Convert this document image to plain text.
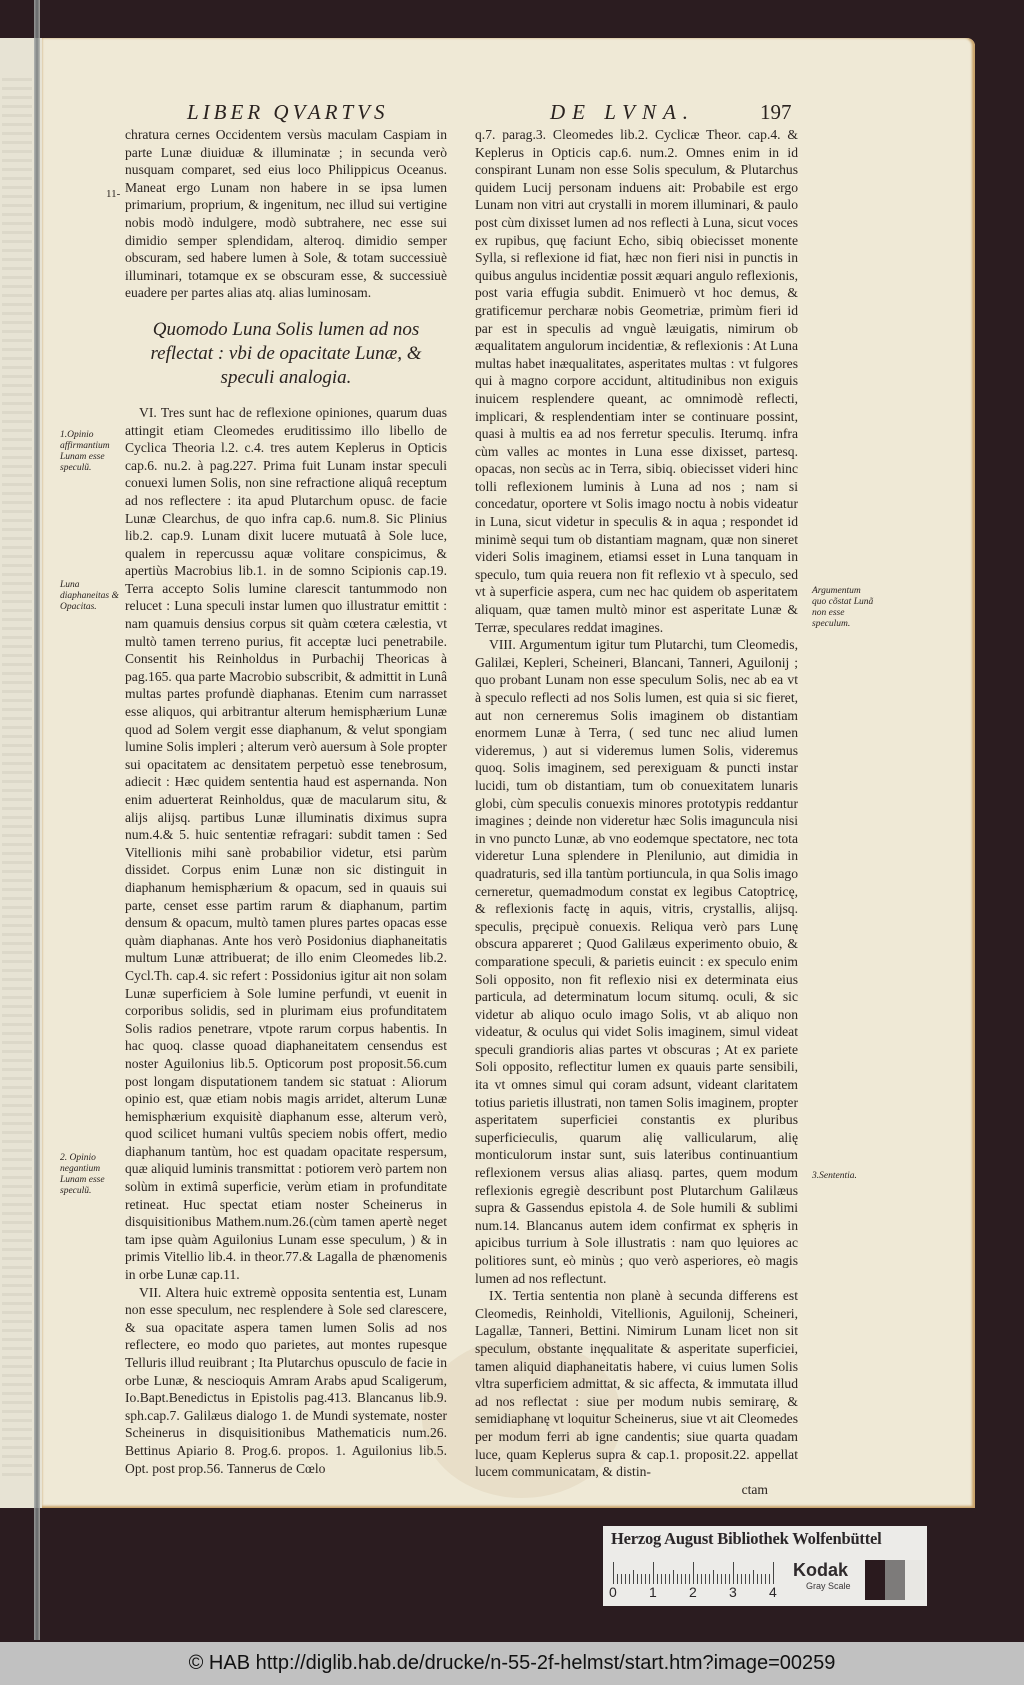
LIBER QVARTVS	DE LVNA.	197
11-

chratura cernes Occidentem versùs maculam Caspiam in parte Lunæ diuiduæ & illuminatæ ; in secunda verò nusquam comparet, sed eius loco Philippicus Oceanus. Maneat ergo Lunam non habere in se ipsa lumen primarium, proprium, & ingenitum, nec illud sui vertigine nobis modò indulgere, modò subtrahere, nec esse sui dimidio semper splendidam, alteroq. dimidio semper obscuram, sed habere lumen à Sole, & totam successiuè illuminari, totamque ex se obscuram esse, & successiuè euadere per partes alias atq. alias luminosam.

Quomodo Luna Solis lumen ad nos reflectat : vbi de opacitate Lunæ, & speculi analogia.

VI. Tres sunt hac de reflexione opiniones, quarum duas attingit etiam Cleomedes eruditissimo illo libello de Cyclica Theoria l.2. c.4. tres autem Keplerus in Opticis cap.6. nu.2. à pag.227. Prima fuit Lunam instar speculi conuexi lumen Solis, non sine refractione aliquâ receptum ad nos reflectere : ita apud Plutarchum opusc. de facie Lunæ Clearchus, de quo infra cap.6. num.8. Sic Plinius lib.2. cap.9. Lunam dixit lucere mutuatâ à Sole luce, qualem in repercussu aquæ volitare conspicimus, & apertiùs Macrobius lib.1. in de somno Scipionis cap.19. Terra accepto Solis lumine clarescit tantummodo non relucet : Luna speculi instar lumen quo illustratur emittit : nam quamuis densius corpus sit quàm cœtera cælestia, vt multò tamen terreno purius, fit acceptæ luci penetrabile. Consentit his Reinholdus in Purbachij Theoricas à pag.165. qua parte Macrobio subscribit, & admittit in Lunâ multas partes profundè diaphanas. Etenim cum narrasset esse aliquos, qui arbitrantur alterum hemisphærium Lunæ quod ad Solem vergit esse diaphanum, & velut spongiam lumine Solis impleri ; alterum verò auersum à Sole propter sui opacitatem ac densitatem perpetuò esse tenebrosum, adiecit : Hæc quidem sententia haud est aspernanda. Non enim aduerterat Reinholdus, quæ de macularum situ, & alijs alijsq. partibus Lunæ illuminatis diximus supra num.4.& 5. huic sententiæ refragari: subdit tamen : Sed Vitellionis mihi sanè probabilior videtur, etsi parùm dissidet. Corpus enim Lunæ non sic distinguit in diaphanum hemisphærium & opacum, sed in quauis sui parte, censet esse partim rarum & diaphanum, partim densum & opacum, multò tamen plures partes opacas esse quàm diaphanas. Ante hos verò Posidonius diaphaneitatis multum Lunæ attribuerat; de illo enim Cleomedes lib.2. Cycl.Th. cap.4. sic refert : Possidonius igitur ait non solam Lunæ superficiem à Sole lumine perfundi, vt euenit in corporibus solidis, sed in plurimam eius profunditatem Solis radios penetrare, vtpote rarum corpus habentis. In hac quoq. classe quoad diaphaneitatem censendus est noster Aguilonius lib.5. Opticorum post proposit.56.cum post longam disputationem tandem sic statuat : Aliorum opinio est, quæ etiam nobis magis arridet, alterum Lunæ hemisphærium exquisitè diaphanum esse, alterum verò, quod scilicet humani vultûs speciem nobis offert, medio diaphanum tantùm, hoc est quadam opacitate respersum, quæ aliquid luminis transmittat : potiorem verò partem non solùm in extimâ superficie, verùm etiam in profunditate retineat. Huc spectat etiam noster Scheinerus in disquisitionibus Mathem.num.26.(cùm tamen apertè neget tam ipse quàm Aguilonius Lunam esse speculum, ) & in primis Vitellio lib.4. in theor.77.& Lagalla de phænomenis in orbe Lunæ cap.11.

VII. Altera huic extremè opposita sententia est, Lunam non esse speculum, nec resplendere à Sole sed clarescere, & sua opacitate aspera tamen lumen Solis ad nos reflectere, eo modo quo parietes, aut montes rupesque Telluris illud reuibrant ; Ita Plutarchus opusculo de facie in orbe Lunæ, & nescioquis Amram Arabs apud Scaligerum, Io.Bapt.Benedictus in Epistolis pag.413. Blancanus lib.9. sph.cap.7. Galilæus dialogo 1. de Mundi systemate, noster Scheinerus in disquisitionibus Mathematicis num.26. Bettinus Apiario 8. Prog.6. propos. 1. Aguilonius lib.5. Opt. post prop.56. Tannerus de Cœlo

1.Opinio affirmantium Lunam esse speculũ.
Luna diaphaneitas & Opacitas.
2. Opinio negantium Lunam esse speculũ.

q.7. parag.3. Cleomedes lib.2. Cyclicæ Theor. cap.4. & Keplerus in Opticis cap.6. num.2. Omnes enim in id conspirant Lunam non esse Solis speculum, & Plutarchus quidem Lucij personam induens ait: Probabile est ergo Lunam non vitri aut crystalli in morem illuminari, & paulo post cùm dixisset lumen ad nos reflecti à Luna, sicut voces ex rupibus, quę faciunt Echo, sibiq obiecisset monente Sylla, si reflexione id fiat, hæc non fieri nisi in punctis in quibus angulus incidentiæ possit æquari angulo reflexionis, post varia effugia subdit. Enimuerò vt hoc demus, & gratificemur percharæ nobis Geometriæ, primùm fieri id par est in speculis ad vnguè læuigatis, nimirum ob æqualitatem angulorum incidentiæ, & reflexionis : At Luna multas habet inæqualitates, asperitates multas : vt fulgores qui à magno corpore accidunt, altitudinibus non exiguis inuicem resplendere queant, ac omnimodè reflecti, implicari, & resplendentiam inter se continuare possint, quasi à multis ea ad nos ferretur speculis. Iterumq. infra cùm valles ac montes in Luna esse dixisset, partesq. opacas, non secùs ac in Terra, sibiq. obiecisset videri hinc tolli reflexionem luminis à Luna ad nos ; nam si concedatur, oportere vt Solis imago noctu à nobis videatur in Luna, sicut videtur in speculis & in aqua ; respondet id minimè sequi tum ob distantiam magnam, quæ non sineret videri Solis imaginem, etiamsi esset in Luna tanquam in speculo, tum quia reuera non fit reflexio vt à speculo, sed vt à superficie aspera, cum nec hac quidem ob asperitatem aliquam, quæ tamen multò minor est asperitate Lunæ & Terræ, speculares reddat imagines.

VIII. Argumentum igitur tum Plutarchi, tum Cleomedis, Galilæi, Kepleri, Scheineri, Blancani, Tanneri, Aguilonij ; quo probant Lunam non esse speculum Solis, nec ab ea vt à speculo reflecti ad nos Solis lumen, est quia si sic fieret, aut non cerneremus Solis imaginem ob distantiam enormem Lunæ à Terra, ( sed tunc nec aliud lumen videremus, ) aut si videremus lumen Solis, videremus quoq. Solis imaginem, sed perexiguam & puncti instar lucidi, tum ob distantiam, tum ob conuexitatem lunaris globi, cùm speculis conuexis minores prototypis reddantur imagines ; deinde non videretur hæc Solis imaguncula nisi in vno puncto Lunæ, ab vno eodemque spectatore, nec tota videretur Luna splendere in Plenilunio, aut dimidia in quadraturis, sed illa tantùm portiuncula, in qua Solis imago cerneretur, quemadmodum constat ex legibus Catoptricę, & reflexionis factę in aquis, vitris, crystallis, alijsq. speculis, pręcipuè conuexis. Reliqua verò pars Lunę obscura appareret ; Quod Galilæus experimento obuio, & comparatione speculi, & parietis euincit : ex speculo enim Soli opposito, non fit reflexio nisi ex determinata eius particula, ad determinatum locum situmq. oculi, & sic videtur ab aliquo oculo imago Solis, vt ab aliquo non videatur, & oculus qui videt Solis imaginem, simul videat speculi grandioris alias partes vt obscuras ; At ex pariete Soli opposito, reflectitur lumen ex quauis parte sensibili, ita vt omnes simul qui coram adsunt, videant claritatem totius parietis illustrati, non tamen Solis imaginem, propter asperitatem superficiei constantis ex pluribus superficieculis, quarum alię vallicularum, alię monticulorum instar sunt, suis lateribus continuantium reflexionem versus alias aliasq. partes, quem modum reflexionis egregiè describunt post Plutarchum Galilæus supra & Gassendus epistola 4. de Sole humili & sublimi num.14. Blancanus autem idem confirmat ex sphęris in apicibus turrium à Sole illustratis : nam quo lęuiores ac politiores sunt, eò minùs ; quo verò asperiores, eò magis lumen ad nos reflectunt.

IX. Tertia sententia non planè à secunda differens est Cleomedis, Reinholdi, Vitellionis, Aguilonij, Scheineri, Lagallæ, Tanneri, Bettini. Nimirum Lunam licet non sit speculum, obstante inęqualitate & asperitate superficiei, tamen aliquid diaphaneitatis habere, vi cuius lumen Solis vltra superficiem admittat, & sic affecta, & immutata illud ad nos reflectat : siue per modum nubis semirarę, & semidiaphanę vt loquitur Scheinerus, siue vt ait Cleomedes per modum ferri ab igne candentis; siue quarta quadam luce, quam Keplerus supra & cap.1. proposit.22. appellat lucem communicatam, & distin-

ctam

Argumentum quo cõstat Lunã non esse speculum.
3.Sententia.
Herzog August Bibliothek Wolfenbüttel
0 1 2 3 4
Kodak
Gray Scale
© HAB http://diglib.hab.de/drucke/n-55-2f-helmst/start.htm?image=00259
